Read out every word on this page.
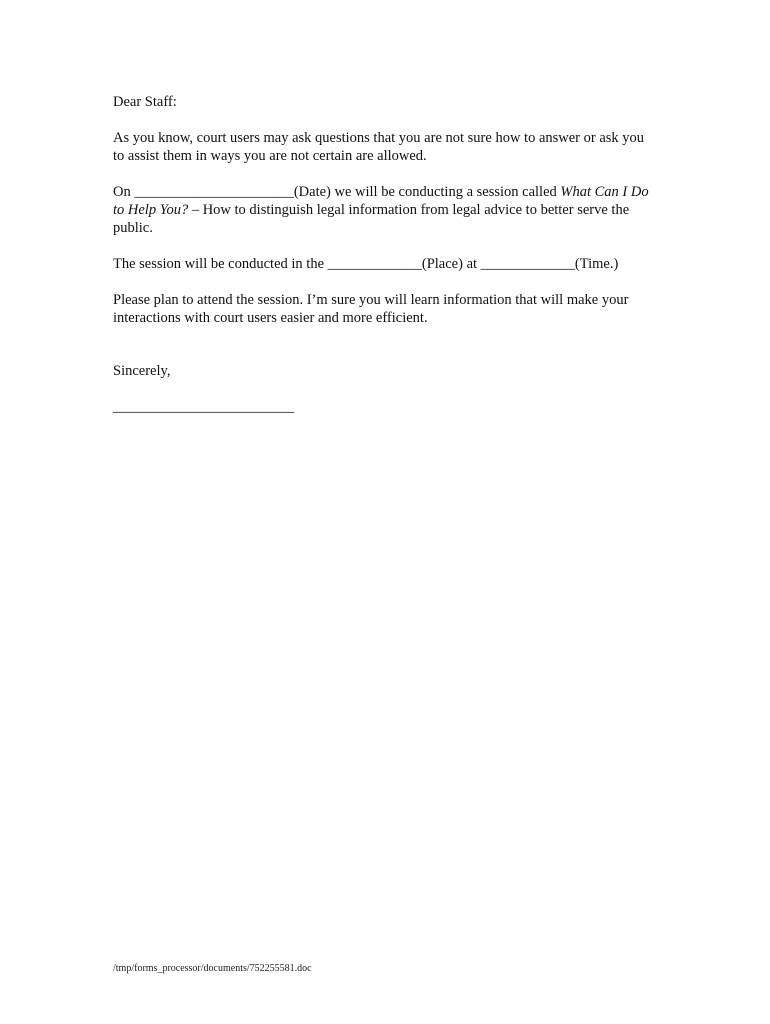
Dear Staff:

As you know, court users may ask questions that you are not sure how to answer or ask you to assist them in ways you are not certain are allowed.

On ______________________(Date) we will be conducting a session called What Can I Do to Help You? – How to distinguish legal information from legal advice to better serve the public.

The session will be conducted in the _____________(Place) at _____________(Time.)

Please plan to attend the session. I’m sure you will learn information that will make your interactions with court users easier and more efficient.

Sincerely,

_________________________

/tmp/forms_processor/documents/752255581.doc
